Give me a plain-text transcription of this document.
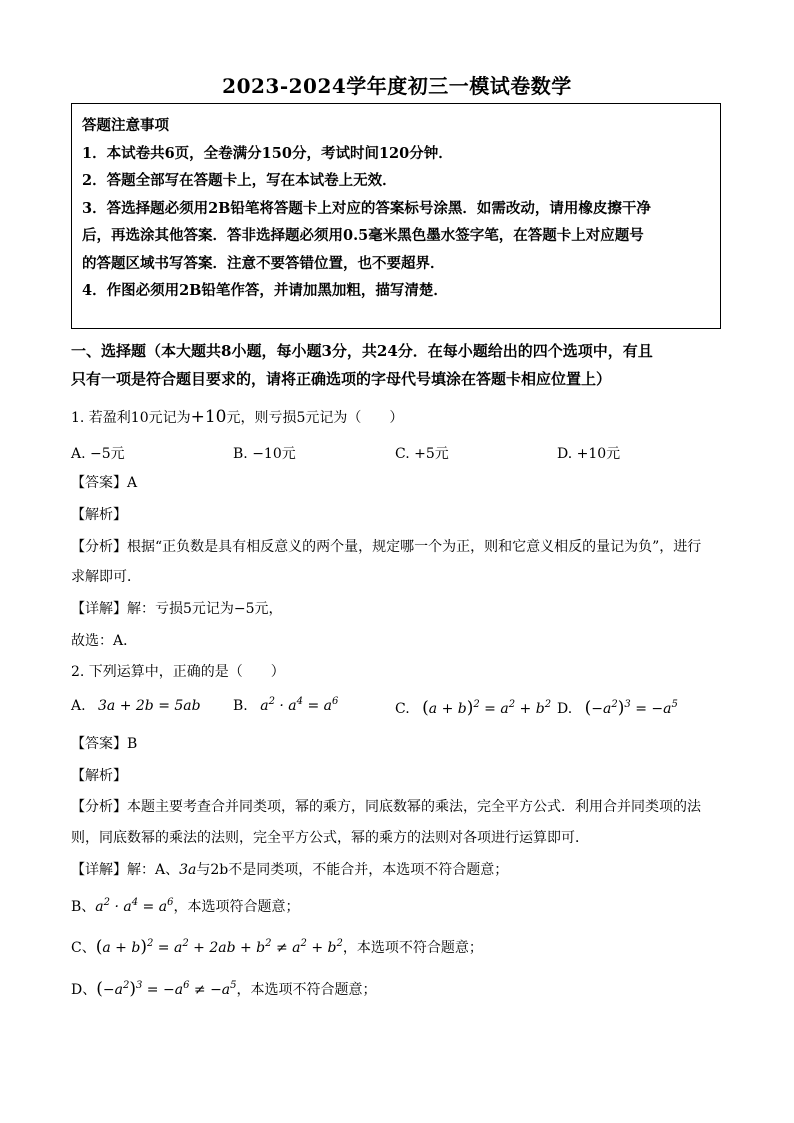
2023-2024学年度初三一模试卷数学
答题注意事项
1．本试卷共6页，全卷满分150分，考试时间120分钟．
2．答题全部写在答题卡上，写在本试卷上无效．
3．答选择题必须用2B铅笔将答题卡上对应的答案标号涂黑．如需改动，请用橡皮擦干净
后，再选涂其他答案．答非选择题必须用0.5毫米黑色墨水签字笔，在答题卡上对应题号
的答题区域书写答案．注意不要答错位置，也不要超界．
4．作图必须用2B铅笔作答，并请加黑加粗，描写清楚．
一、选择题（本大题共8小题，每小题3分，共24分．在每小题给出的四个选项中，有且
只有一项是符合题目要求的，请将正确选项的字母代号填涂在答题卡相应位置上）
1. 若盈利10元记为+10元，则亏损5元记为（　　）
A. −5元	B. −10元	C. +5元	D. +10元
【答案】A
【解析】
【分析】根据“正负数是具有相反意义的两个量，规定哪一个为正，则和它意义相反的量记为负”，进行
求解即可．
【详解】解：亏损5元记为−5元，
故选：A．
2. 下列运算中，正确的是（　　）
A. 3a + 2b = 5ab B. $a^2 \cdot a^4 = a^6$	C. $(a + b)^2 = a^2 + b^2$ D. $(-a^2)^3 = -a^5$
【答案】B
【解析】
【分析】本题主要考查合并同类项，幂的乘方，同底数幂的乘法，完全平方公式．利用合并同类项的法
则，同底数幂的乘法的法则，完全平方公式，幂的乘方的法则对各项进行运算即可．
【详解】解：A、3a与2b不是同类项，不能合并，本选项不符合题意；
B、$a^2 \cdot a^4 = a^6$，本选项符合题意；
C、$(a + b)^2 = a^2 + 2ab + b^2 \ne a^2 + b^2$，本选项不符合题意；
D、$(-a^2)^3 = -a^6 \ne -a^5$，本选项不符合题意；
